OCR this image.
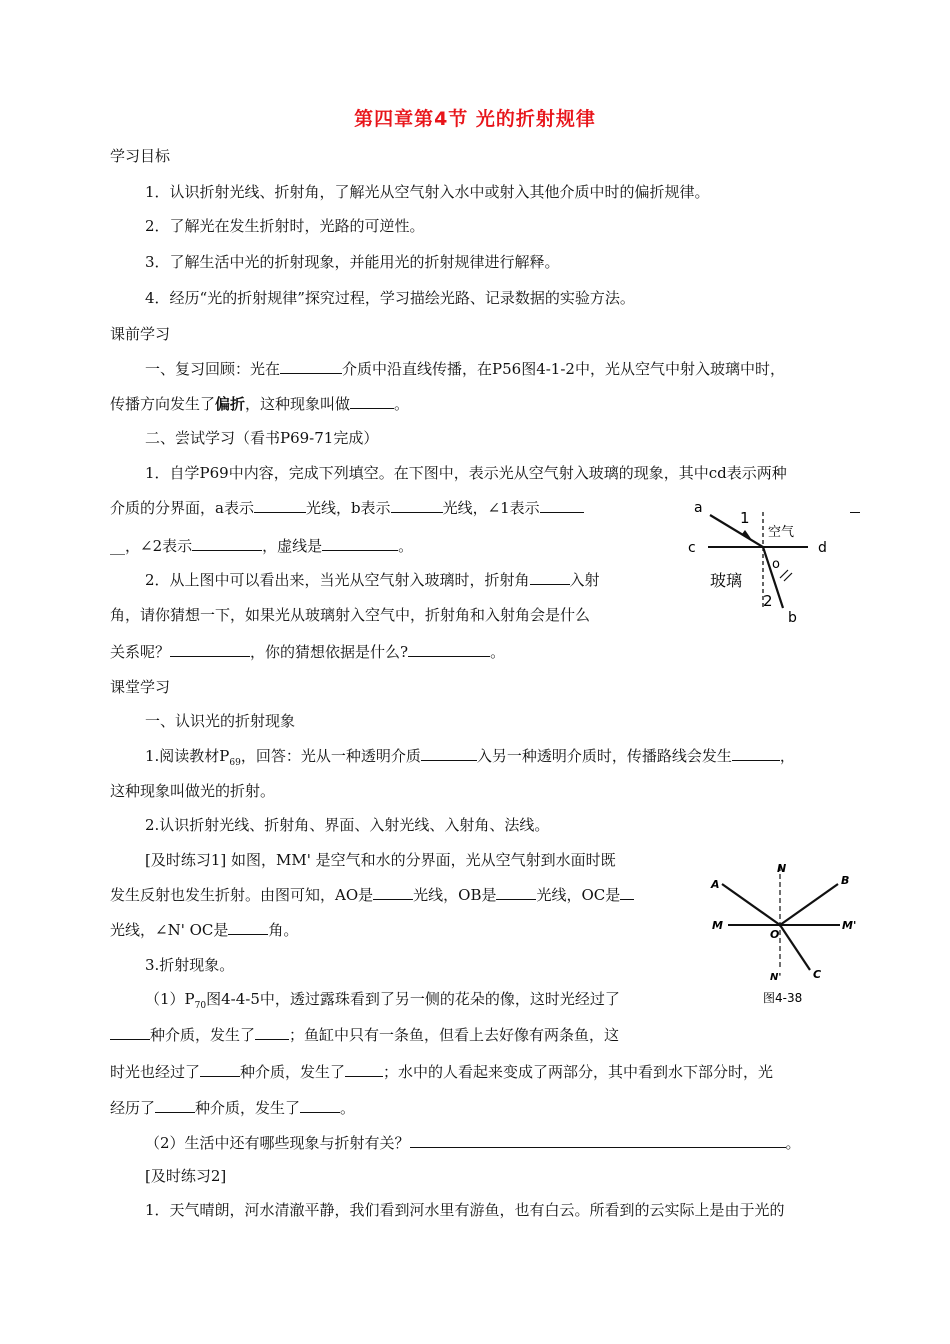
第四章第4节 光的折射规律
学习目标
1．认识折射光线、折射角，了解光从空气射入水中或射入其他介质中时的偏折规律。
2．了解光在发生折射时，光路的可逆性。
3．了解生活中光的折射现象，并能用光的折射规律进行解释。
4．经历“光的折射规律”探究过程，学习描绘光路、记录数据的实验方法。
课前学习
一、复习回顾：光在	介质中沿直线传播，在P56图4-1-2中，光从空气中射入玻璃中时，
传播方向发生了偏折，这种现象叫做	。
二、尝试学习（看书P69-71完成）
1．自学P69中内容，完成下列填空。在下图中，表示光从空气射入玻璃的现象，其中cd表示两种
介质的分界面，a表示	光线，b表示	光线，∠1表示
__，∠2表示	，虚线是	。
2．从上图中可以看出来，当光从空气射入玻璃时，折射角	入射
角，请你猜想一下，如果光从玻璃射入空气中，折射角和入射角会是什么
关系呢？	，你的猜想依据是什么?	。
a
1
空气
c	d
o
玻璃
2
b
课堂学习
一、认识光的折射现象
1.阅读教材$P_{69}$，回答：光从一种透明介质	入另一种透明介质时，传播路线会发生	，
这种现象叫做光的折射。
2.认识折射光线、折射角、界面、入射光线、入射角、法线。
[及时练习1] 如图，MM' 是空气和水的分界面，光从空气射到水面时既
发生反射也发生折射。由图可知，AO是	光线，OB是	光线，OC是
光线，∠N' OC是	角。
N
A	B
M	M'
O
N'	C
图4-38
3.折射现象。
$(1)P_{70}$图4-4-5中，透过露珠看到了另一侧的花朵的像，这时光经过了
种介质，发生了 ；鱼缸中只有一条鱼，但看上去好像有两条鱼，这
时光也经过了	种介质，发生了	；水中的人看起来变成了两部分，其中看到水下部分时，光
经历了	种介质，发生了	。
（2）生活中还有哪些现象与折射有关？	。
[及时练习2]
1．天气晴朗，河水清澈平静，我们看到河水里有游鱼，也有白云。所看到的云实际上是由于光的
